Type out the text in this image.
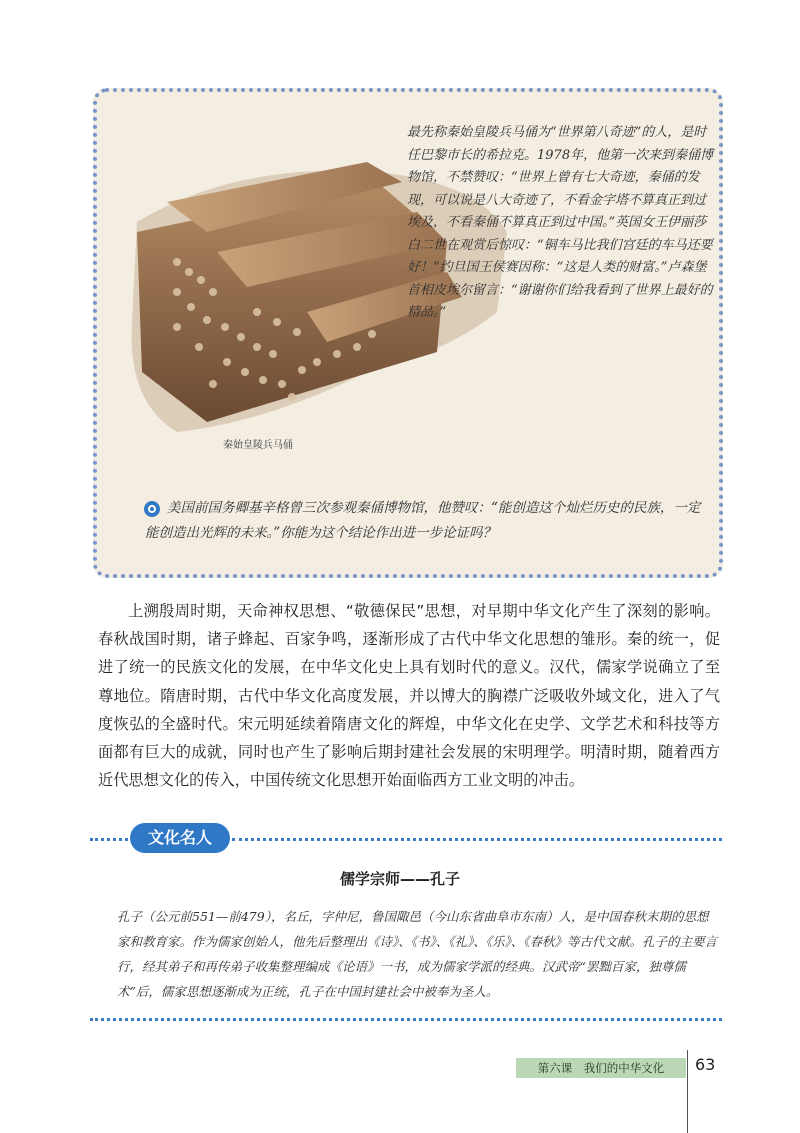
秦始皇陵兵马俑
最先称秦始皇陵兵马俑为“世界第八奇迹”的人，是时任巴黎市长的希拉克。1978年，他第一次来到秦俑博物馆，不禁赞叹：“世界上曾有七大奇迹，秦俑的发现，可以说是八大奇迹了，不看金字塔不算真正到过埃及，不看秦俑不算真正到过中国。”英国女王伊丽莎白二世在观赏后惊叹：“铜车马比我们宫廷的车马还要好！”约旦国王侯赛因称：“这是人类的财富。”卢森堡首相皮埃尔留言：“谢谢你们给我看到了世界上最好的精品。”
美国前国务卿基辛格曾三次参观秦俑博物馆，他赞叹：“能创造这个灿烂历史的民族，一定能创造出光辉的未来。”你能为这个结论作出进一步论证吗？

上溯殷周时期，天命神权思想、“敬德保民”思想，对早期中华文化产生了深刻的影响。春秋战国时期，诸子蜂起、百家争鸣，逐渐形成了古代中华文化思想的雏形。秦的统一，促进了统一的民族文化的发展，在中华文化史上具有划时代的意义。汉代，儒家学说确立了至尊地位。隋唐时期，古代中华文化高度发展，并以博大的胸襟广泛吸收外域文化，进入了气度恢弘的全盛时代。宋元明延续着隋唐文化的辉煌，中华文化在史学、文学艺术和科技等方面都有巨大的成就，同时也产生了影响后期封建社会发展的宋明理学。明清时期，随着西方近代思想文化的传入，中国传统文化思想开始面临西方工业文明的冲击。

文化名人
儒学宗师——孔子

孔子（公元前551—前479），名丘，字仲尼，鲁国陬邑（今山东省曲阜市东南）人，是中国春秋末期的思想家和教育家。作为儒家创始人，他先后整理出《诗》、《书》、《礼》、《乐》、《春秋》等古代文献。孔子的主要言行，经其弟子和再传弟子收集整理编成《论语》一书，成为儒家学派的经典。汉武帝“罢黜百家，独尊儒术”后，儒家思想逐渐成为正统，孔子在中国封建社会中被奉为圣人。

第六课　我们的中华文化	63
